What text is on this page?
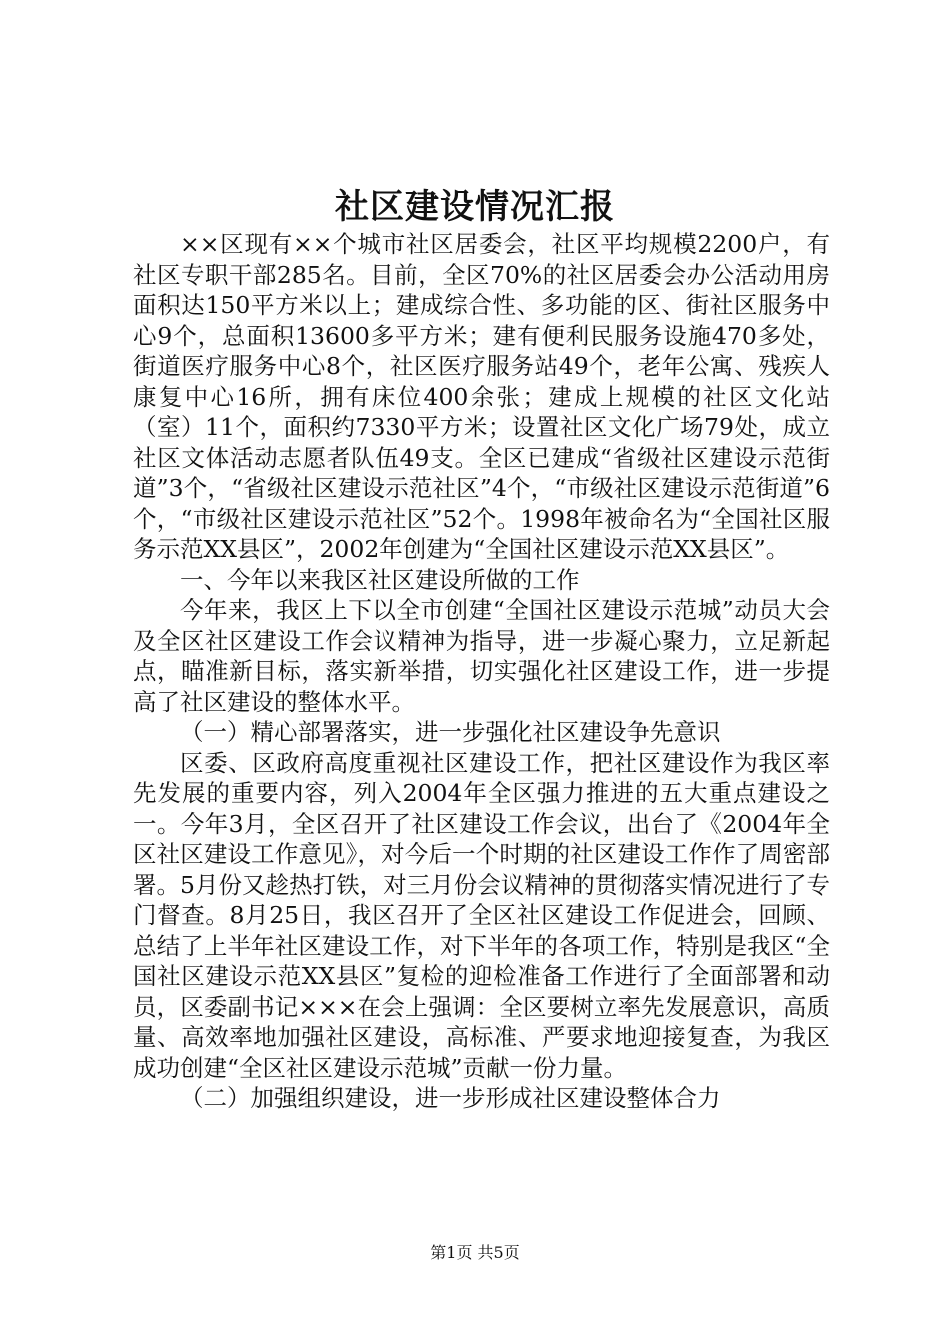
社区建设情况汇报

××区现有××个城市社区居委会，社区平均规模2200户，有社区专职干部285名。目前，全区70%的社区居委会办公活动用房面积达150平方米以上；建成综合性、多功能的区、街社区服务中心9个，总面积13600多平方米；建有便利民服务设施470多处，街道医疗服务中心8个，社区医疗服务站49个，老年公寓、残疾人康复中心16所，拥有床位400余张；建成上规模的社区文化站（室）11个，面积约7330平方米；设置社区文化广场79处，成立社区文体活动志愿者队伍49支。全区已建成“省级社区建设示范街道”3个，“省级社区建设示范社区”4个，“市级社区建设示范街道”6个，“市级社区建设示范社区”52个。1998年被命名为“全国社区服务示范XX县区”，2002年创建为“全国社区建设示范XX县区”。

一、今年以来我区社区建设所做的工作

今年来，我区上下以全市创建“全国社区建设示范城”动员大会及全区社区建设工作会议精神为指导，进一步凝心聚力，立足新起点，瞄准新目标，落实新举措，切实强化社区建设工作，进一步提高了社区建设的整体水平。

（一）精心部署落实，进一步强化社区建设争先意识

区委、区政府高度重视社区建设工作，把社区建设作为我区率先发展的重要内容，列入2004年全区强力推进的五大重点建设之一。今年3月，全区召开了社区建设工作会议，出台了《2004年全区社区建设工作意见》，对今后一个时期的社区建设工作作了周密部署。5月份又趁热打铁，对三月份会议精神的贯彻落实情况进行了专门督查。8月25日，我区召开了全区社区建设工作促进会，回顾、总结了上半年社区建设工作，对下半年的各项工作，特别是我区“全国社区建设示范XX县区”复检的迎检准备工作进行了全面部署和动员，区委副书记×××在会上强调：全区要树立率先发展意识，高质量、高效率地加强社区建设，高标准、严要求地迎接复查，为我区成功创建“全区社区建设示范城”贡献一份力量。

（二）加强组织建设，进一步形成社区建设整体合力

第1页 共5页
